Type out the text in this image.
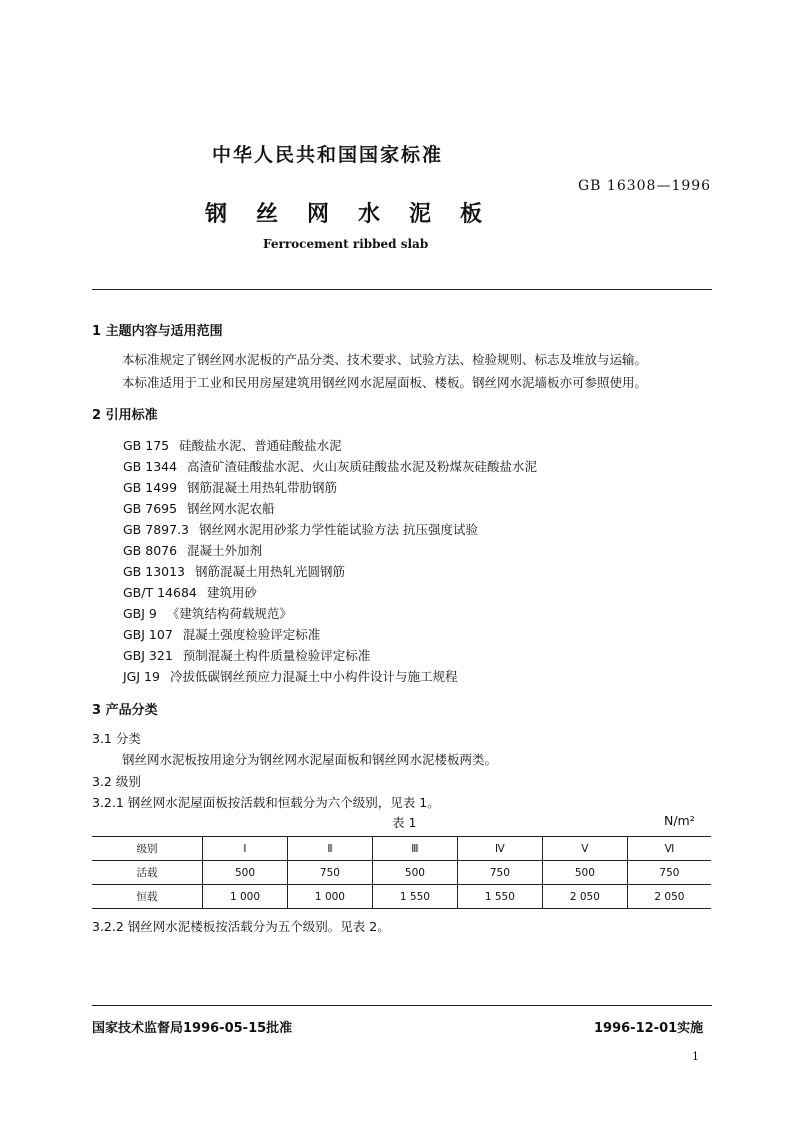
中华人民共和国国家标准
GB 16308—1996
钢丝网水泥板
Ferrocement ribbed slab
1 主题内容与适用范围
本标准规定了钢丝网水泥板的产品分类、技术要求、试验方法、检验规则、标志及堆放与运输。
本标准适用于工业和民用房屋建筑用钢丝网水泥屋面板、楼板。钢丝网水泥墙板亦可参照使用。
2 引用标准
GB 175 硅酸盐水泥、普通硅酸盐水泥
GB 1344 高渣矿渣硅酸盐水泥、火山灰质硅酸盐水泥及粉煤灰硅酸盐水泥
GB 1499 钢筋混凝土用热轧带肋钢筋
GB 7695 钢丝网水泥农船
GB 7897.3 钢丝网水泥用砂浆力学性能试验方法 抗压强度试验
GB 8076 混凝土外加剂
GB 13013 钢筋混凝土用热轧光圆钢筋
GB/T 14684 建筑用砂
GBJ 9 《建筑结构荷载规范》
GBJ 107 混凝土强度检验评定标准
GBJ 321 预制混凝土构件质量检验评定标准
JGJ 19 冷拔低碳钢丝预应力混凝土中小构件设计与施工规程
3 产品分类
3.1 分类
钢丝网水泥板按用途分为钢丝网水泥屋面板和钢丝网水泥楼板两类。
3.2 级别
3.2.1 钢丝网水泥屋面板按活载和恒载分为六个级别，见表 1。
表 1	N/m²
级别	Ⅰ	Ⅱ	Ⅲ	Ⅳ	Ⅴ	Ⅵ
活载	500	750	500	750	500	750
恒载	1 000	1 000	1 550	1 550	2 050	2 050
3.2.2 钢丝网水泥楼板按活载分为五个级别。见表 2。
国家技术监督局1996-05-15批准	1996-12-01实施
1
